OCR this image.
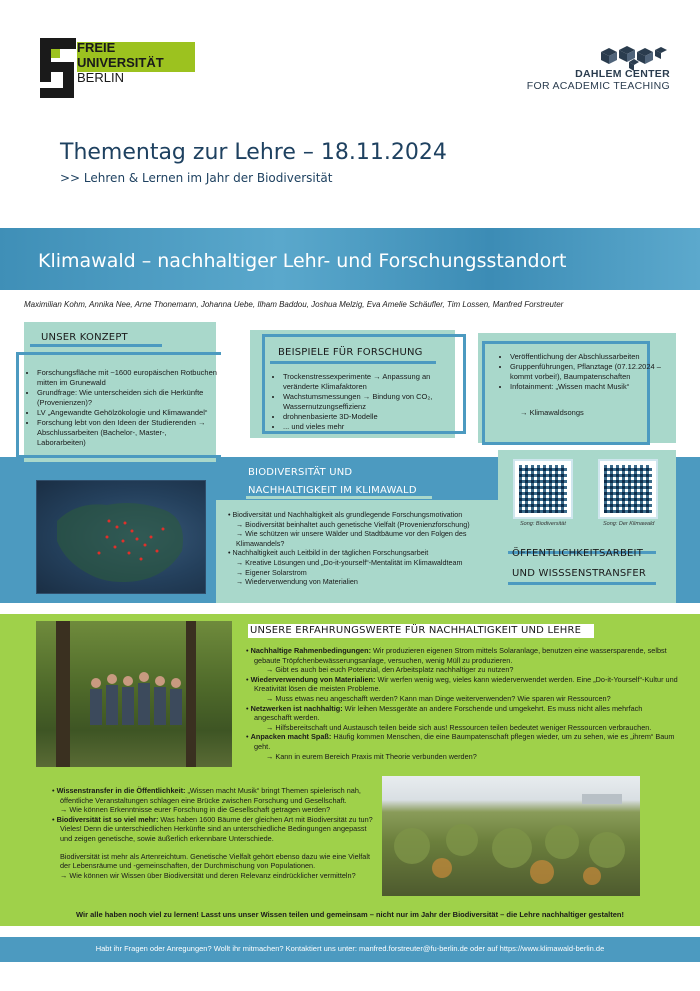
FREIE
UNIVERSITÄT
BERLIN	DAHLEM CENTER
FOR ACADEMIC TEACHING
Thementag zur Lehre – 18.11.2024
>> Lehren & Lernen im Jahr der Biodiversität
Klimawald – nachhaltiger Lehr- und Forschungsstandort
Maximilian Kohm, Annika Nee, Arne Thonemann, Johanna Uebe, Ilham Baddou, Joshua Melzig, Eva Amelie Schäufler, Tim Lossen, Manfred Forstreuter
UNSER KONZEPT
• Forschungsfläche mit ~1600 europäischen Rotbuchen mitten im Grunewald
• Grundfrage: Wie unterscheiden sich die Herkünfte (Provenienzen)?
• LV „Angewandte Gehölzökologie und Klimawandel“
• Forschung lebt von den Ideen der Studierenden → Abschlussarbeiten (Bachelor-, Master-, Laborarbeiten)
BEISPIELE FÜR FORSCHUNG
• Trockenstressexperimente → Anpassung an veränderte Klimafaktoren
• Wachstumsmessungen → Bindung von CO₂, Wassernutzungseffizienz
• drohnenbasierte 3D-Modelle
• ... und vieles mehr
• Veröffentlichung der Abschlussarbeiten
• Gruppenführungen, Pflanztage (07.12.2024 – kommt vorbei!), Baumpatenschaften
• Infotainment: „Wissen macht Musik“
→ Klimawaldsongs
BIODIVERSITÄT UND
NACHHALTIGKEIT IM KLIMAWALD
• Biodiversität und Nachhaltigkeit als grundlegende Forschungsmotivation
→ Biodiversität beinhaltet auch genetische Vielfalt (Provenienzforschung)
→ Wie schützen wir unsere Wälder und Stadtbäume vor den Folgen des Klimawandels?
• Nachhaltigkeit auch Leitbild in der täglichen Forschungsarbeit
→ Kreative Lösungen und „Do-it-yourself“-Mentalität im Klimawaldteam
→ Eigener Solarstrom
→ Wiederverwendung von Materialien
Song: Biodiversität	Song: Der Klimawald
ÖFFENTLICHKEITSARBEIT
UND WISSSENSTRANSFER
UNSERE ERFAHRUNGSWERTE FÜR NACHHALTIGKEIT UND LEHRE
• Nachhaltige Rahmenbedingungen: Wir produzieren eigenen Strom mittels Solaranlage, benutzen eine wassersparende, selbst gebaute Tröpfchenbewässerungsanlage, versuchen, wenig Müll zu produzieren.
→ Gibt es auch bei euch Potenzial, den Arbeitsplatz nachhaltiger zu nutzen?
• Wiederverwendung von Materialien: Wir werfen wenig weg, vieles kann wiederverwendet werden. Eine „Do-it-Yourself“-Kultur und Kreativität lösen die meisten Probleme.
→ Muss etwas neu angeschafft werden? Kann man Dinge weiterverwenden? Wie sparen wir Ressourcen?
• Netzwerken ist nachhaltig: Wir leihen Messgeräte an andere Forschende und umgekehrt. Es muss nicht alles mehrfach angeschafft werden.
→ Hilfsbereitschaft und Austausch teilen beide sich aus! Ressourcen teilen bedeutet weniger Ressourcen verbrauchen.
• Anpacken macht Spaß: Häufig kommen Menschen, die eine Baumpatenschaft pflegen wieder, um zu sehen, wie es „ihrem“ Baum geht.
→ Kann in eurem Bereich Praxis mit Theorie verbunden werden?
• Wissenstransfer in die Öffentlichkeit: „Wissen macht Musik“ bringt Themen spielerisch nah, öffentliche Veranstaltungen schlagen eine Brücke zwischen Forschung und Gesellschaft.
→ Wie können Erkenntnisse eurer Forschung in die Gesellschaft getragen werden?
• Biodiversität ist so viel mehr: Was haben 1600 Bäume der gleichen Art mit Biodiversität zu tun? Vieles! Denn die unterschiedlichen Herkünfte sind an unterschiedliche Bedingungen angepasst und zeigen genetische, sowie äußerlich erkennbare Unterschiede.
Biodiversität ist mehr als Artenreichtum. Genetische Vielfalt gehört ebenso dazu wie eine Vielfalt der Lebensräume und -gemeinschaften, der Durchmischung von Populationen.
→ Wie können wir Wissen über Biodiversität und deren Relevanz eindrücklicher vermitteln?
Wir alle haben noch viel zu lernen! Lasst uns unser Wissen teilen und gemeinsam – nicht nur im Jahr der Biodiversität – die Lehre nachhaltiger gestalten!
Habt ihr Fragen oder Anregungen? Wollt ihr mitmachen? Kontaktiert uns unter: manfred.forstreuter@fu-berlin.de oder auf https://www.klimawald-berlin.de
